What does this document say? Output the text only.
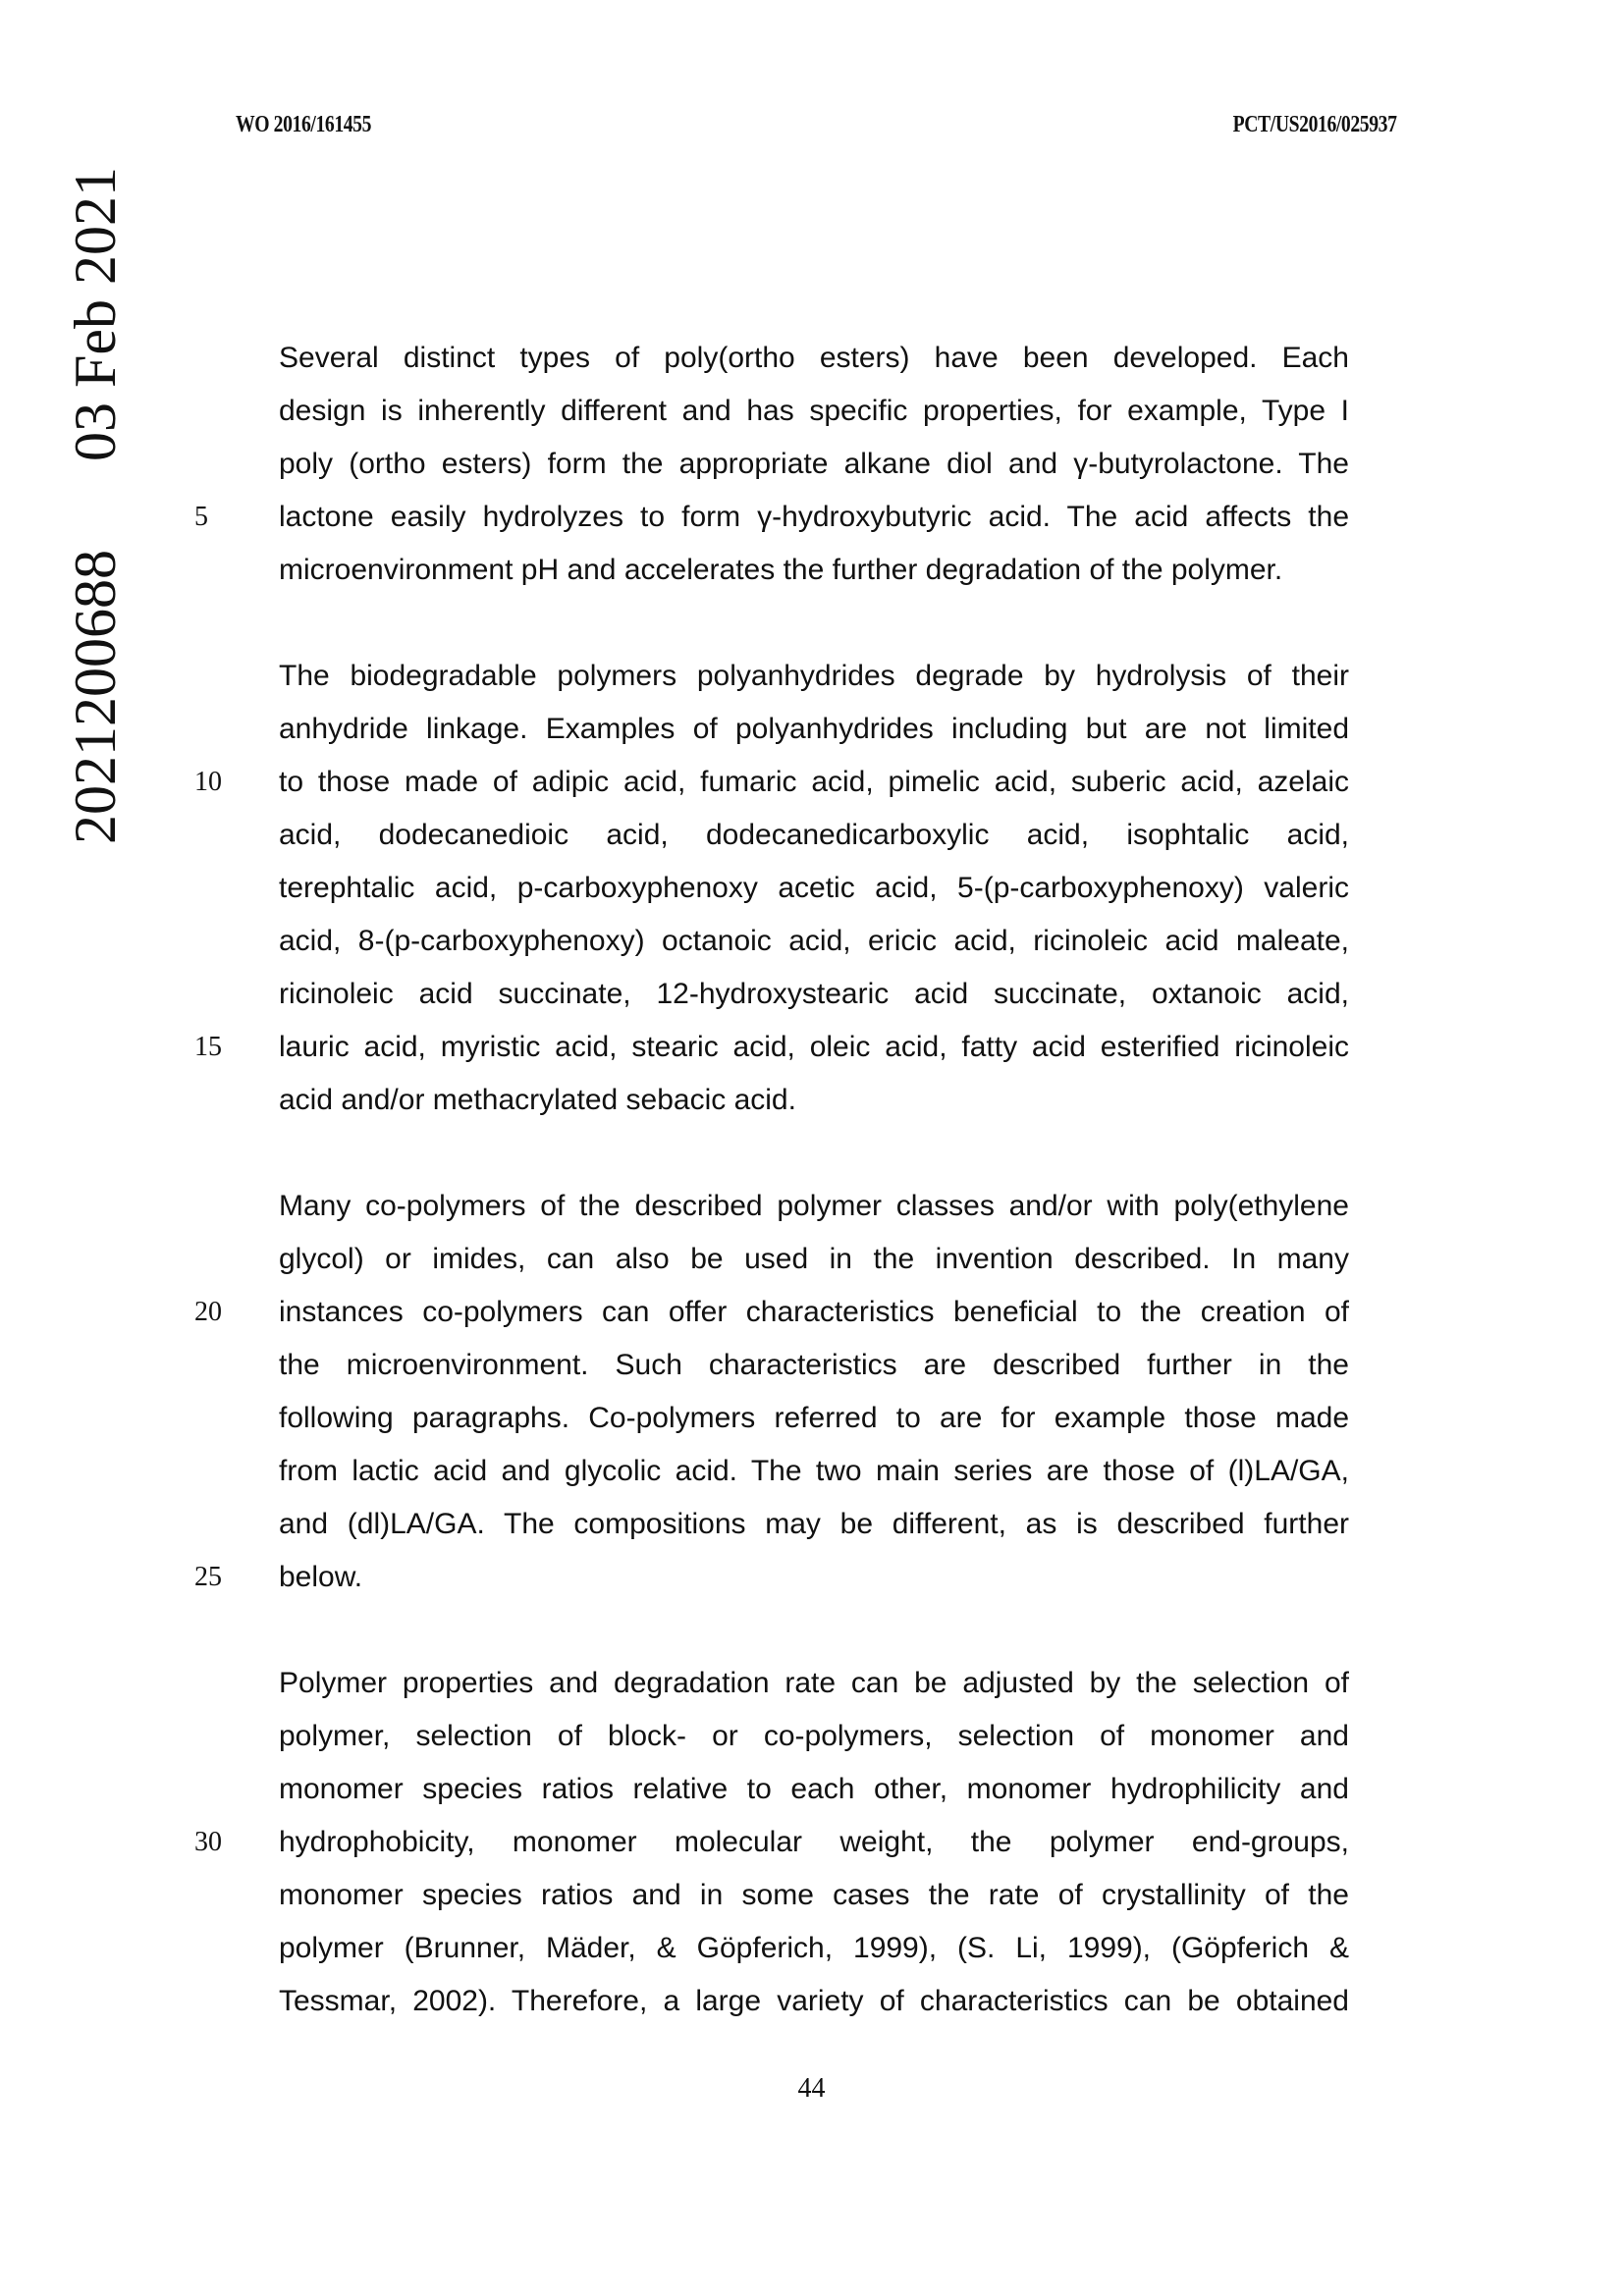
WO 2016/161455	PCT/US2016/025937
2021200688
03 Feb 2021	Several distinct types of poly(ortho esters) have been developed. Each
design is inherently different and has specific properties, for example, Type I
poly (ortho esters) form the appropriate alkane diol and γ-butyrolactone. The
5	lactone easily hydrolyzes to form γ-hydroxybutyric acid. The acid affects the
microenvironment pH and accelerates the further degradation of the polymer.
The biodegradable polymers polyanhydrides degrade by hydrolysis of their
anhydride linkage. Examples of polyanhydrides including but are not limited
10	to those made of adipic acid, fumaric acid, pimelic acid, suberic acid, azelaic
acid, dodecanedioic acid, dodecanedicarboxylic acid, isophtalic acid,
terephtalic acid, p-carboxyphenoxy acetic acid, 5-(p-carboxyphenoxy) valeric
acid, 8-(p-carboxyphenoxy) octanoic acid, ericic acid, ricinoleic acid maleate,
ricinoleic acid succinate, 12-hydroxystearic acid succinate, oxtanoic acid,
15	lauric acid, myristic acid, stearic acid, oleic acid, fatty acid esterified ricinoleic
acid and/or methacrylated sebacic acid.
Many co-polymers of the described polymer classes and/or with poly(ethylene
glycol) or imides, can also be used in the invention described. In many
20	instances co-polymers can offer characteristics beneficial to the creation of
the microenvironment. Such characteristics are described further in the
following paragraphs. Co-polymers referred to are for example those made
from lactic acid and glycolic acid. The two main series are those of (l)LA/GA,
and (dl)LA/GA. The compositions may be different, as is described further
25	below.
Polymer properties and degradation rate can be adjusted by the selection of
polymer, selection of block- or co-polymers, selection of monomer and
monomer species ratios relative to each other, monomer hydrophilicity and
30	hydrophobicity, monomer molecular weight, the polymer end-groups,
monomer species ratios and in some cases the rate of crystallinity of the
polymer (Brunner, Mäder, & Göpferich, 1999), (S. Li, 1999), (Göpferich &
Tessmar, 2002). Therefore, a large variety of characteristics can be obtained
44
